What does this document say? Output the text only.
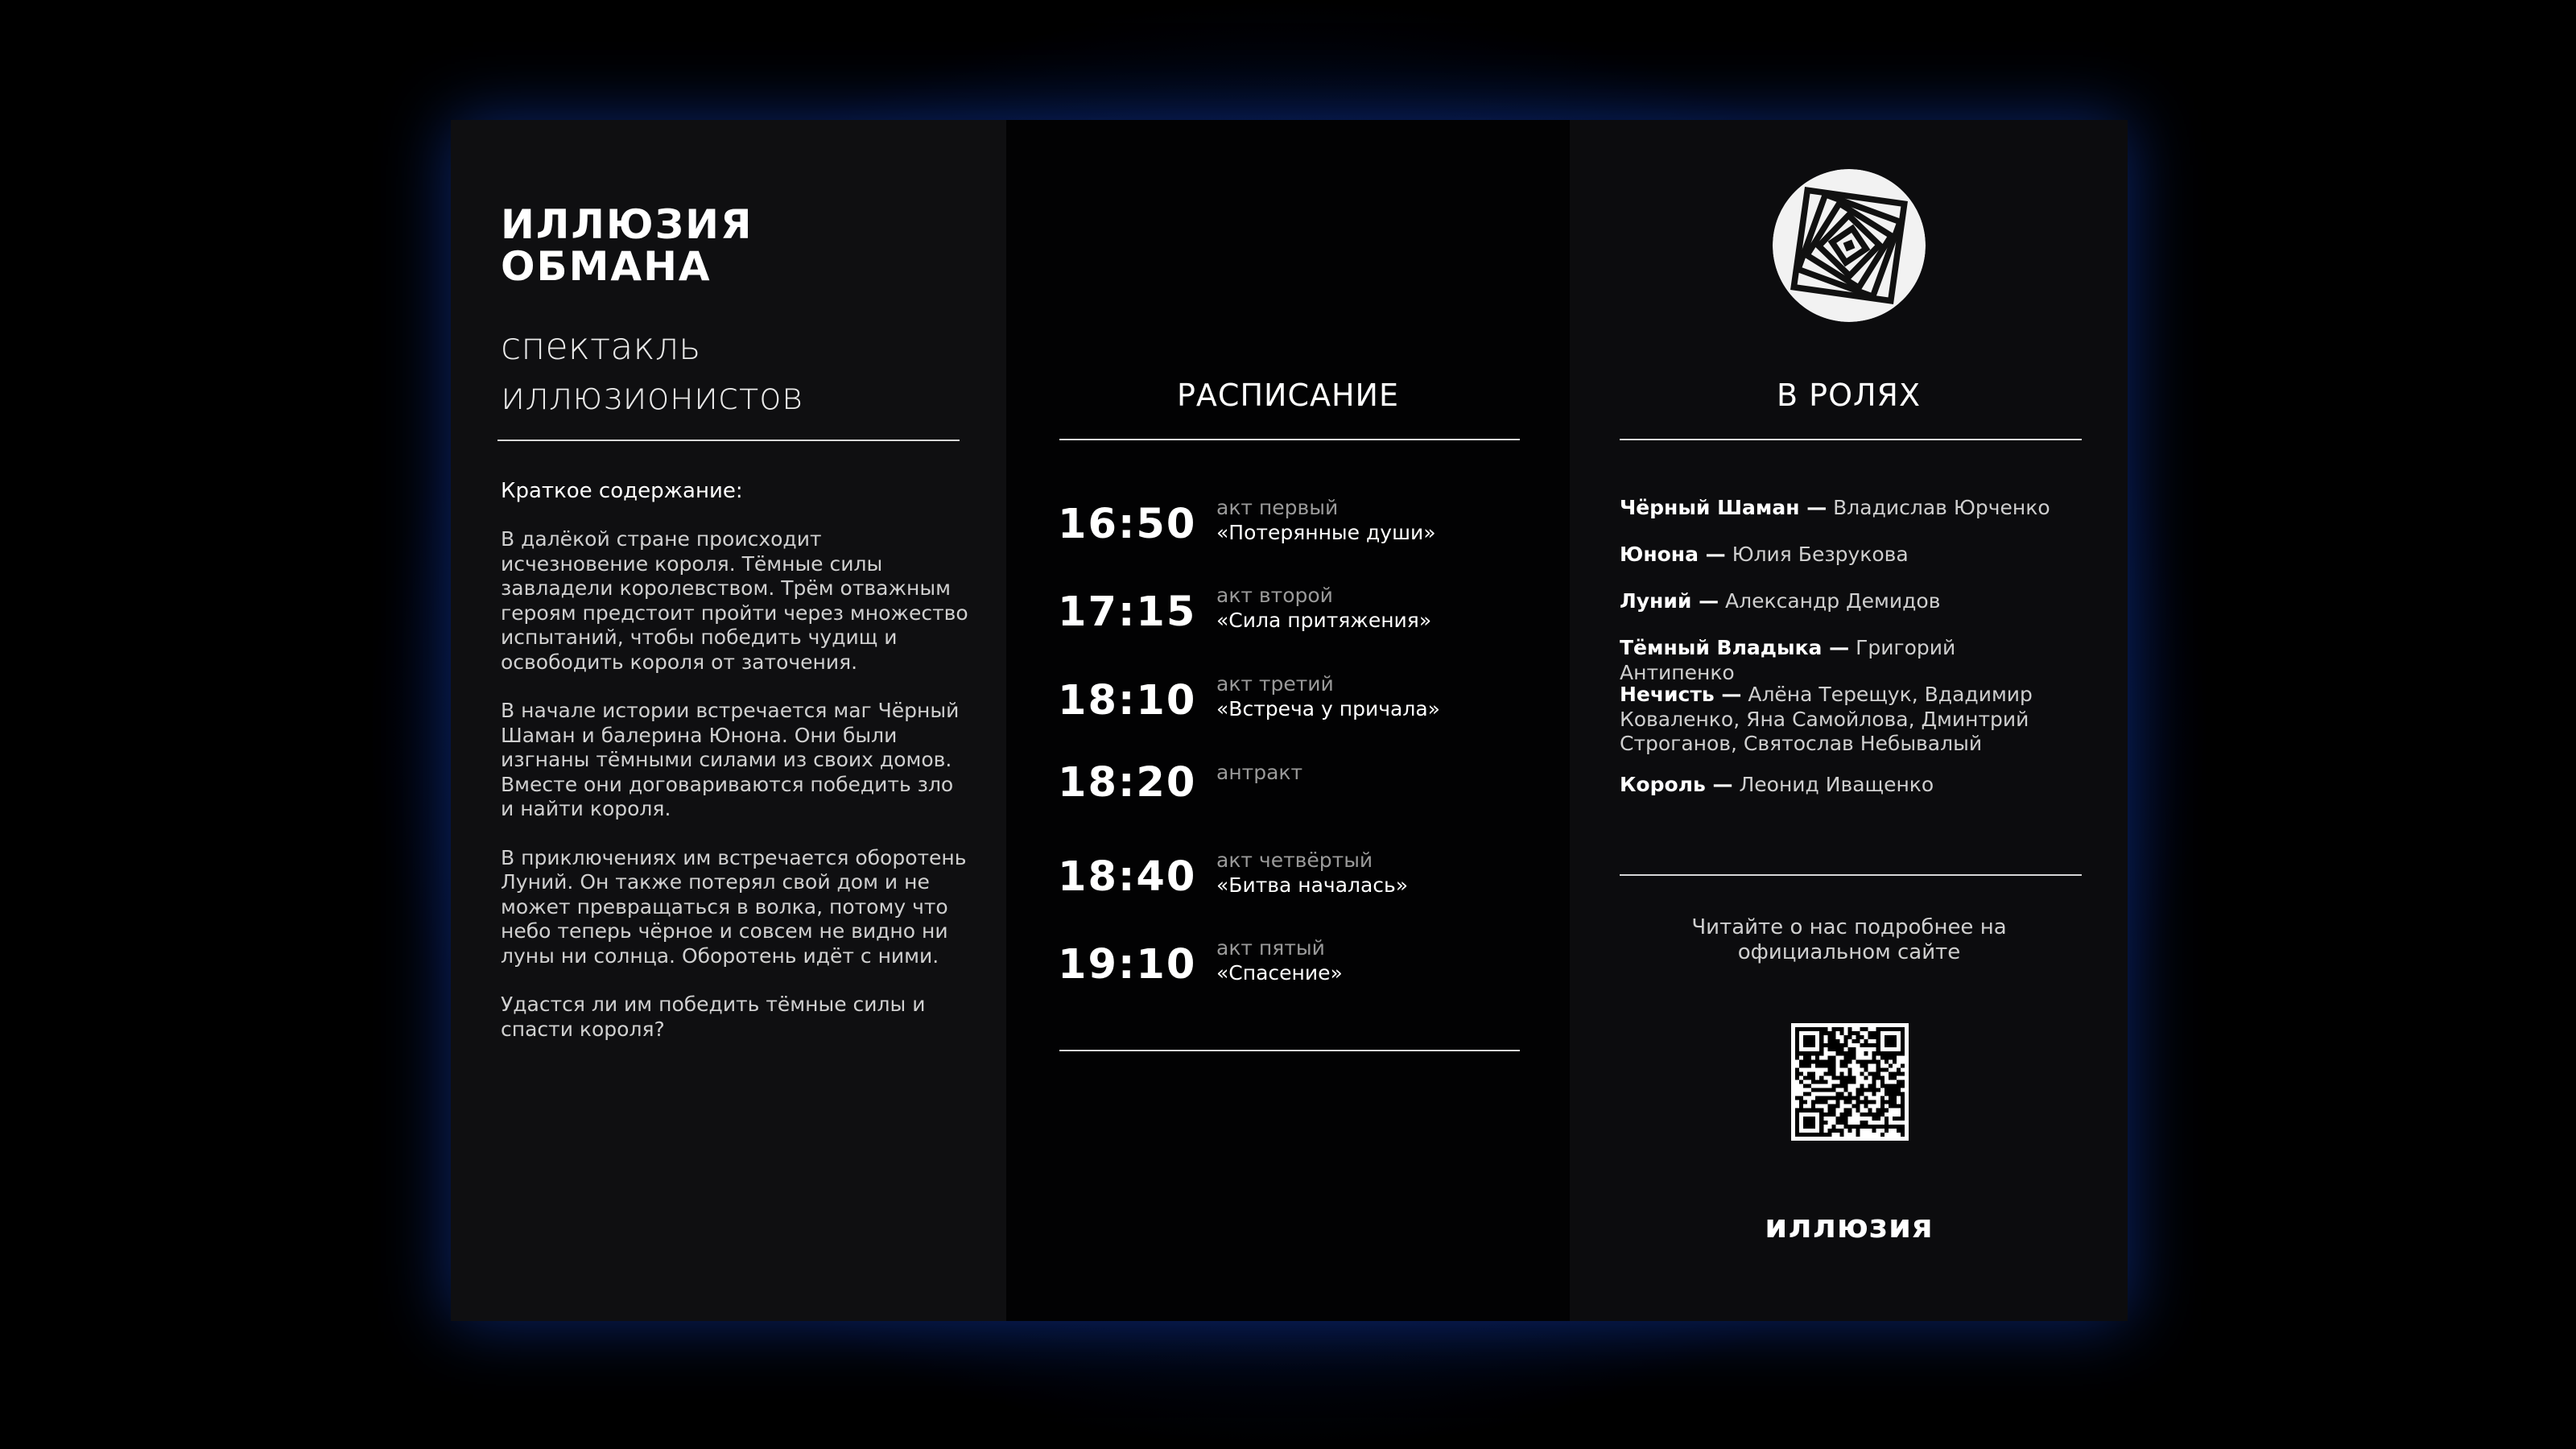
ИЛЛЮЗИЯ
ОБМАНА
спектакль
иллюзионистов
Краткое содержание:

В далёкой стране происходит исчезновение короля. Тёмные силы завладели королевством. Трём отважным героям предстоит пройти через множество испытаний, чтобы победить чудищ и освободить короля от заточения.

В начале истории встречается маг Чёрный Шаман и балерина Юнона. Они были изгнаны тёмными силами из своих домов. Вместе они договариваются победить зло и найти короля.

В приключениях им встречается оборотень Луний. Он также потерял свой дом и не может превращаться в волка, потому что небо теперь чёрное и совсем не видно ни луны ни солнца. Оборотень идёт с ними.

Удастся ли им победить тёмные силы и спасти короля?

РАСПИСАНИЕ	В РОЛЯХ
Чёрный Шаман — Владислав Юрченко
Юнона — Юлия Безрукова
Луний — Александр Демидов
Тёмный Владыка — Григорий Антипенко
Нечисть — Алёна Терещук, Вдадимир Коваленко, Яна Самойлова, Дминтрий Строганов, Святослав Небывалый
Король — Леонид Иващенко
Читайте о нас подробнее на официальном сайте
иллюзия
16:50 акт первый
«Потерянные души»
17:15 акт второй
«Сила притяжения»
18:10 акт третий
«Встреча у причала»
18:20 антракт
18:40 акт четвёртый
«Битва началась»
19:10 акт пятый
«Спасение»
